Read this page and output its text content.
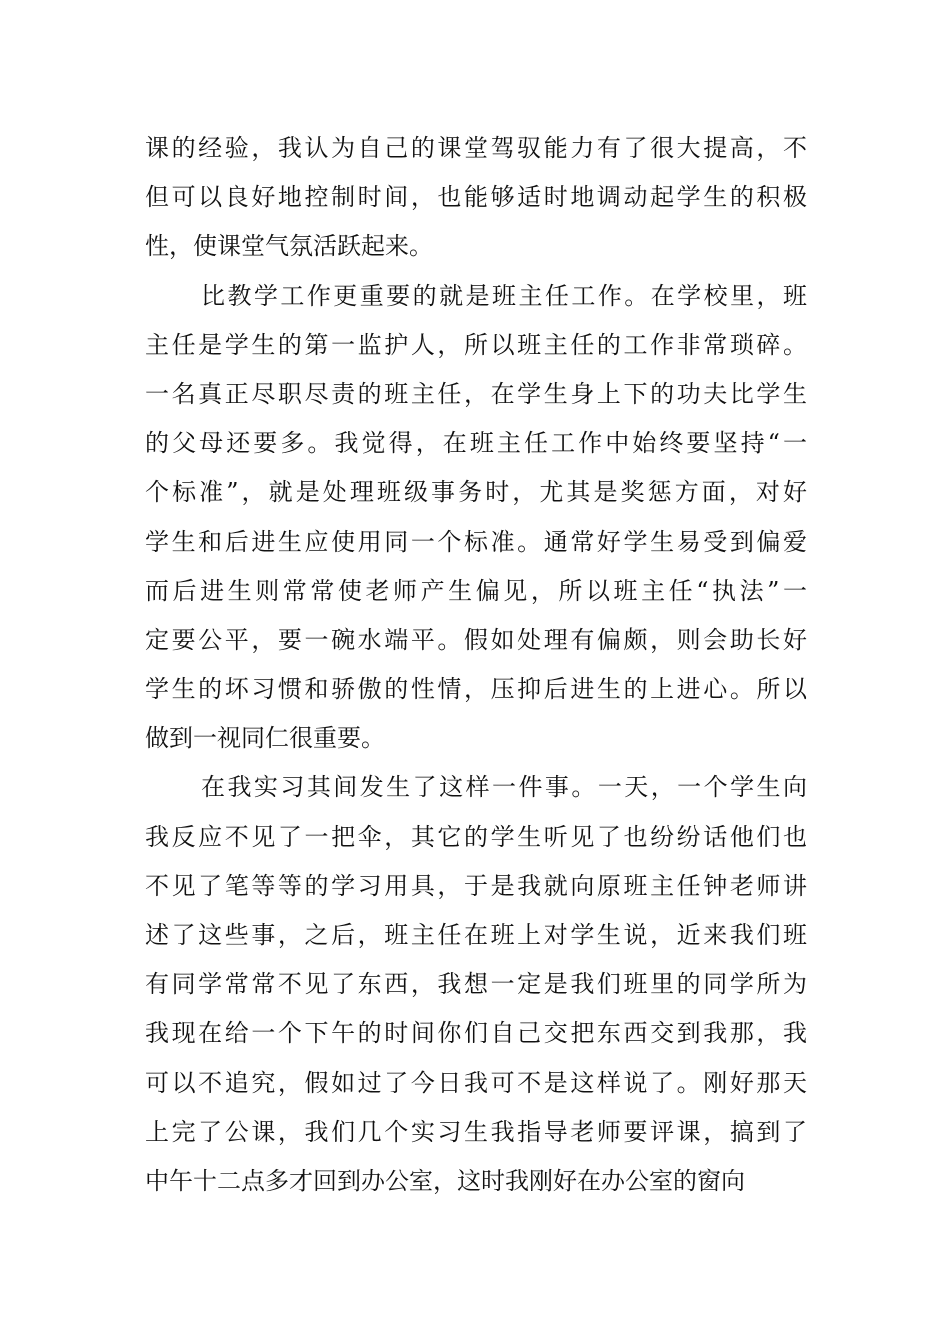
课的经验，我认为自己的课堂驾驭能力有了很大提高，不
但可以良好地控制时间，也能够适时地调动起学生的积极
性，使课堂气氛活跃起来。
比教学工作更重要的就是班主任工作。在学校里，班
主任是学生的第一监护人，所以班主任的工作非常琐碎。
一名真正尽职尽责的班主任，在学生身上下的功夫比学生
的父母还要多。我觉得，在班主任工作中始终要坚持“一
个标准”，就是处理班级事务时，尤其是奖惩方面，对好
学生和后进生应使用同一个标准。通常好学生易受到偏爱
而后进生则常常使老师产生偏见，所以班主任“执法”一
定要公平，要一碗水端平。假如处理有偏颇，则会助长好
学生的坏习惯和骄傲的性情，压抑后进生的上进心。所以
做到一视同仁很重要。
在我实习其间发生了这样一件事。一天，一个学生向
我反应不见了一把伞，其它的学生听见了也纷纷话他们也
不见了笔等等的学习用具，于是我就向原班主任钟老师讲
述了这些事，之后，班主任在班上对学生说，近来我们班
有同学常常不见了东西，我想一定是我们班里的同学所为
我现在给一个下午的时间你们自己交把东西交到我那，我
可以不追究，假如过了今日我可不是这样说了。刚好那天
上完了公课，我们几个实习生我指导老师要评课，搞到了
中午十二点多才回到办公室，这时我刚好在办公室的窗向
